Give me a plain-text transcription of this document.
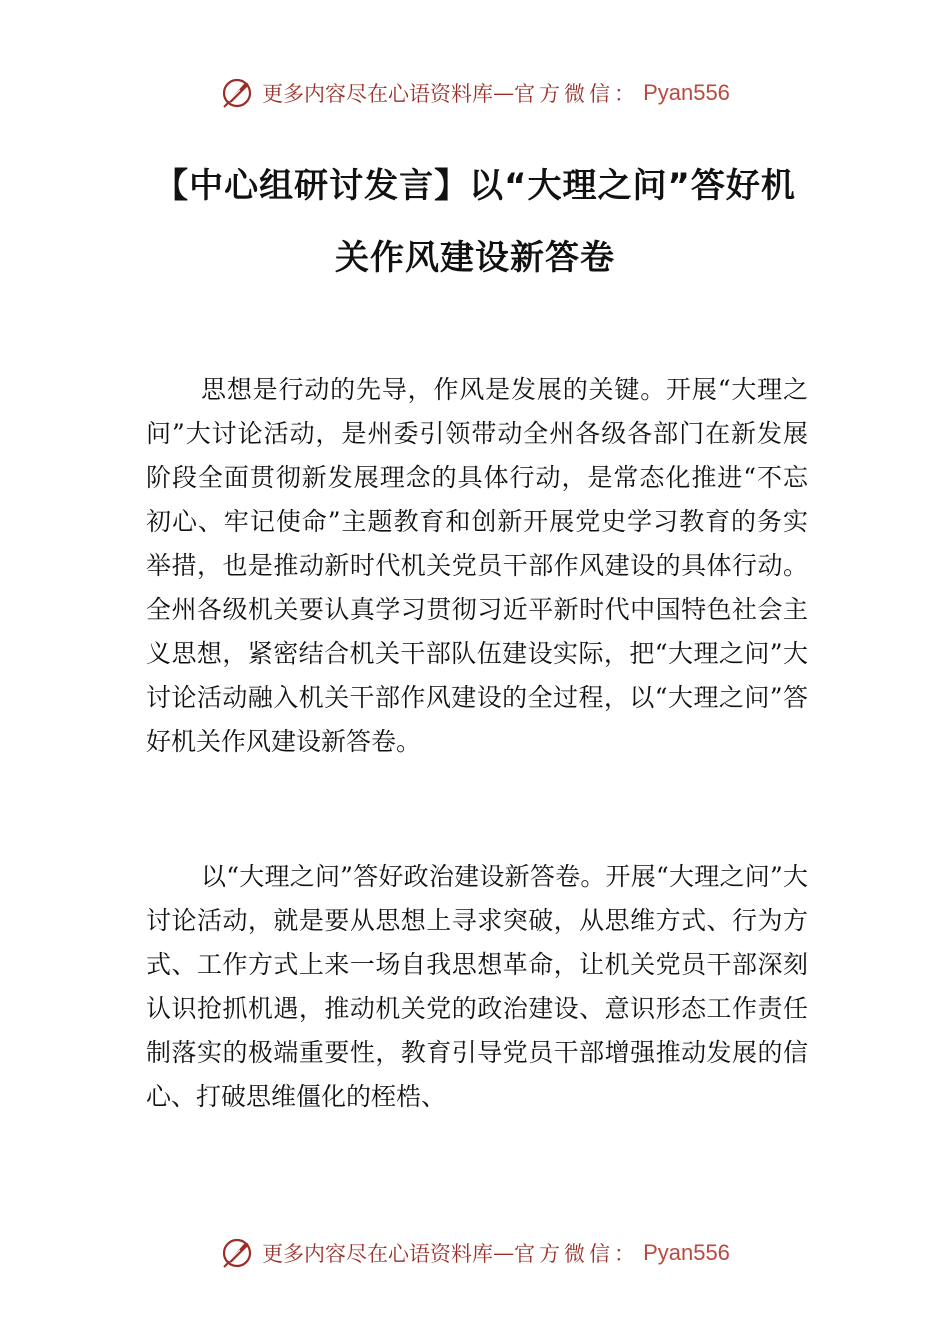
更多内容尽在心语资料库 — 官方微信： Pyan556
【中心组研讨发言】以“大理之问”答好机
关作风建设新答卷

思想是行动的先导，作风是发展的关键。开展“大理之问”大讨论活动，是州委引领带动全州各级各部门在新发展阶段全面贯彻新发展理念的具体行动，是常态化推进“不忘初心、牢记使命”主题教育和创新开展党史学习教育的务实举措，也是推动新时代机关党员干部作风建设的具体行动。全州各级机关要认真学习贯彻习近平新时代中国特色社会主义思想，紧密结合机关干部队伍建设实际，把“大理之问”大讨论活动融入机关干部作风建设的全过程，以“大理之问”答好机关作风建设新答卷。

以“大理之问”答好政治建设新答卷。开展“大理之问”大讨论活动，就是要从思想上寻求突破，从思维方式、行为方式、工作方式上来一场自我思想革命，让机关党员干部深刻认识抢抓机遇，推动机关党的政治建设、意识形态工作责任制落实的极端重要性，教育引导党员干部增强推动发展的信心、打破思维僵化的桎梏、

更多内容尽在心语资料库 — 官方微信： Pyan556
